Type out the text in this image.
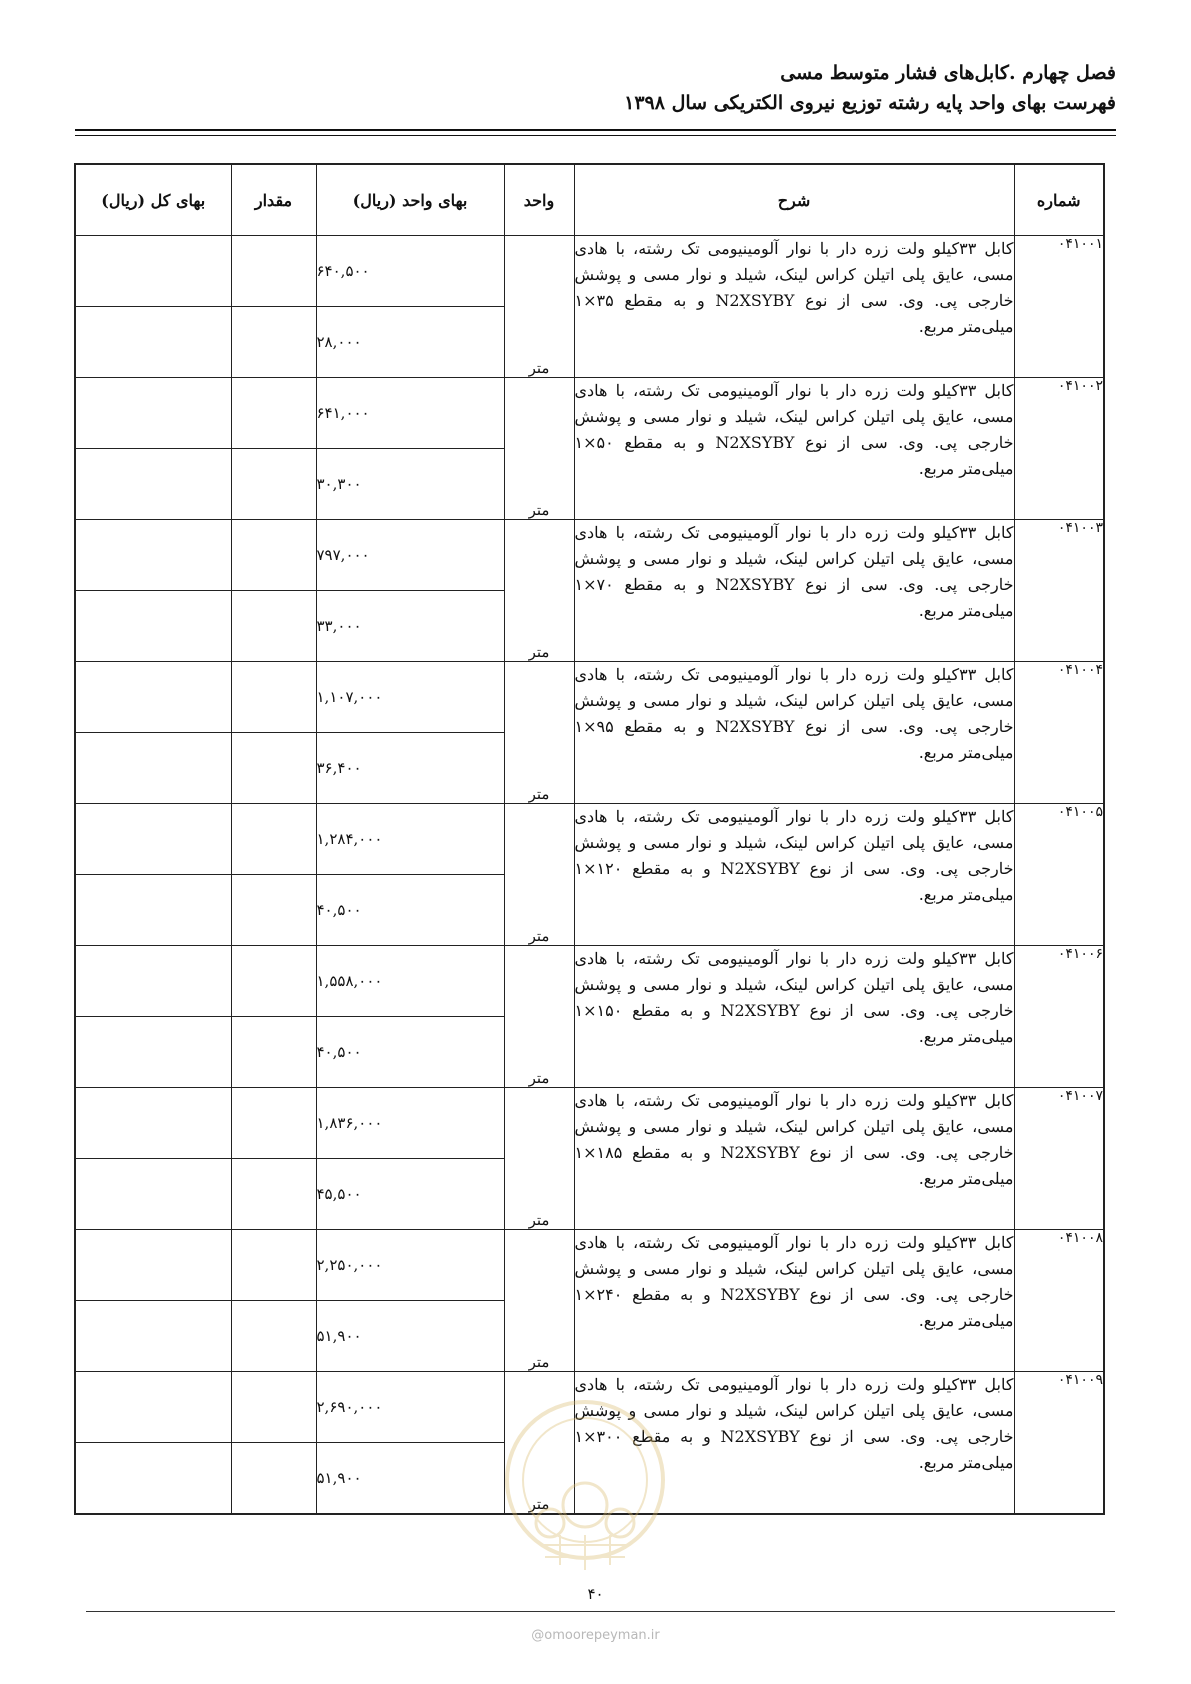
فصل چهارم .کابل‌های فشار متوسط مسی
فهرست بهای واحد پایه رشته توزیع نیروی الکتریکی سال ۱۳۹۸
شماره	شرح	واحد	بهای واحد (ریال)	مقدار	بهای کل (ریال)
۰۴۱۰۰۱	کابل ۳۳کیلو ولت زره دار با نوار آلومینیومی تک رشته، با هادی مسی، عایق پلی اتیلن کراس لینک، شیلد و نوار مسی و پوشش خارجی پی. وی. سی از نوع N2XSYBY و به مقطع ۳۵×۱ میلی‌متر مربع.	متر	۶۴۰,۵۰۰		
			۲۸,۰۰۰		
۰۴۱۰۰۲	کابل ۳۳کیلو ولت زره دار با نوار آلومینیومی تک رشته، با هادی مسی، عایق پلی اتیلن کراس لینک، شیلد و نوار مسی و پوشش خارجی پی. وی. سی از نوع N2XSYBY و به مقطع ۵۰×۱ میلی‌متر مربع.	متر	۶۴۱,۰۰۰		
			۳۰,۳۰۰		
۰۴۱۰۰۳	کابل ۳۳کیلو ولت زره دار با نوار آلومینیومی تک رشته، با هادی مسی، عایق پلی اتیلن کراس لینک، شیلد و نوار مسی و پوشش خارجی پی. وی. سی از نوع N2XSYBY و به مقطع ۷۰×۱ میلی‌متر مربع.	متر	۷۹۷,۰۰۰		
			۳۳,۰۰۰		
۰۴۱۰۰۴	کابل ۳۳کیلو ولت زره دار با نوار آلومینیومی تک رشته، با هادی مسی، عایق پلی اتیلن کراس لینک، شیلد و نوار مسی و پوشش خارجی پی. وی. سی از نوع N2XSYBY و به مقطع ۹۵×۱ میلی‌متر مربع.	متر	۱,۱۰۷,۰۰۰		
			۳۶,۴۰۰		
۰۴۱۰۰۵	کابل ۳۳کیلو ولت زره دار با نوار آلومینیومی تک رشته، با هادی مسی، عایق پلی اتیلن کراس لینک، شیلد و نوار مسی و پوشش خارجی پی. وی. سی از نوع N2XSYBY و به مقطع ۱۲۰×۱ میلی‌متر مربع.	متر	۱,۲۸۴,۰۰۰		
			۴۰,۵۰۰		
۰۴۱۰۰۶	کابل ۳۳کیلو ولت زره دار با نوار آلومینیومی تک رشته، با هادی مسی، عایق پلی اتیلن کراس لینک، شیلد و نوار مسی و پوشش خارجی پی. وی. سی از نوع N2XSYBY و به مقطع ۱۵۰×۱ میلی‌متر مربع.	متر	۱,۵۵۸,۰۰۰		
			۴۰,۵۰۰		
۰۴۱۰۰۷	کابل ۳۳کیلو ولت زره دار با نوار آلومینیومی تک رشته، با هادی مسی، عایق پلی اتیلن کراس لینک، شیلد و نوار مسی و پوشش خارجی پی. وی. سی از نوع N2XSYBY و به مقطع ۱۸۵×۱ میلی‌متر مربع.	متر	۱,۸۳۶,۰۰۰		
			۴۵,۵۰۰		
۰۴۱۰۰۸	کابل ۳۳کیلو ولت زره دار با نوار آلومینیومی تک رشته، با هادی مسی، عایق پلی اتیلن کراس لینک، شیلد و نوار مسی و پوشش خارجی پی. وی. سی از نوع N2XSYBY و به مقطع ۲۴۰×۱ میلی‌متر مربع.	متر	۲,۲۵۰,۰۰۰		
			۵۱,۹۰۰		
۰۴۱۰۰۹	کابل ۳۳کیلو ولت زره دار با نوار آلومینیومی تک رشته، با هادی مسی، عایق پلی اتیلن کراس لینک، شیلد و نوار مسی و پوشش خارجی پی. وی. سی از نوع N2XSYBY و به مقطع ۳۰۰×۱ میلی‌متر مربع.	متر	۲,۶۹۰,۰۰۰		
			۵۱,۹۰۰		
۴۰
@omoorepeyman.ir
